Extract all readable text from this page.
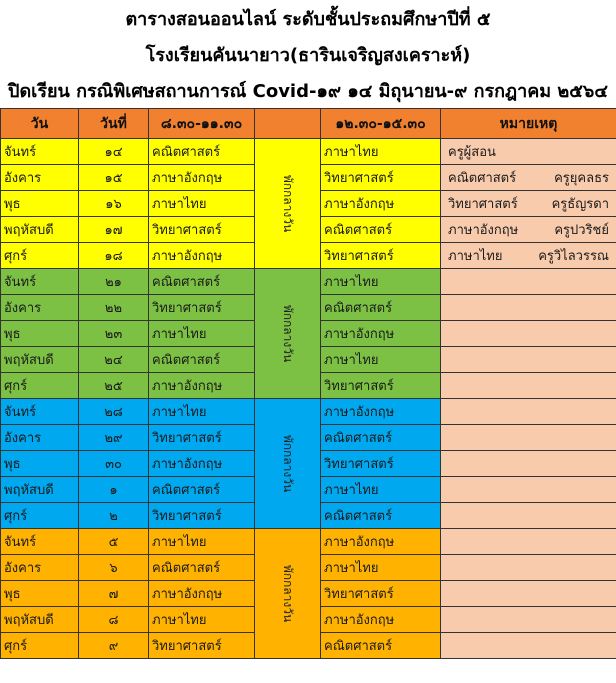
ตารางสอนออนไลน์ ระดับชั้นประถมศึกษาปีที่ ๕
โรงเรียนคันนายาว(ธารินเจริญสงเคราะห์)
ปิดเรียน กรณิพิเศษสถานการณ์ Covid-๑๙ ๑๔ มิถุนายน-๙ กรกฎาคม ๒๕๖๔
วัน	วันที่	๘.๓๐-๑๑.๓๐		๑๒.๓๐-๑๕.๓๐	หมายเหตุ
จันทร์	๑๔	คณิตศาสตร์	พักกลางวัน	ภาษาไทย	ครูผู้สอน

อังคาร	๑๕	ภาษาอังกฤษ		วิทยาศาสตร์	คณิตศาสตร์ ครูยุคลธร

พุธ	๑๖	ภาษาไทย		ภาษาอังกฤษ	วิทยาศาสตร์ ครูธัญรดา

พฤหัสบดี	๑๗	วิทยาศาสตร์		คณิตศาสตร์	ภาษาอังกฤษ ครูปวริชย์

ศุกร์	๑๘	ภาษาอังกฤษ		วิทยาศาสตร์	ภาษาไทย ครูวิไลวรรณ

จันทร์	๒๑	คณิตศาสตร์	พักกลางวัน	ภาษาไทย	
อังคาร	๒๒	วิทยาศาสตร์		คณิตศาสตร์	
พุธ	๒๓	ภาษาไทย		ภาษาอังกฤษ	
พฤหัสบดี	๒๔	คณิตศาสตร์		ภาษาไทย	
ศุกร์	๒๕	ภาษาอังกฤษ		วิทยาศาสตร์	
จันทร์	๒๘	ภาษาไทย	พักกลางวัน	ภาษาอังกฤษ	
อังคาร	๒๙	วิทยาศาสตร์		คณิตศาสตร์	
พุธ	๓๐	ภาษาอังกฤษ		วิทยาศาสตร์	
พฤหัสบดี	๑	คณิตศาสตร์		ภาษาไทย	
ศุกร์	๒	วิทยาศาสตร์		คณิตศาสตร์	
จันทร์	๕	ภาษาไทย	พักกลางวัน	ภาษาอังกฤษ	
อังคาร	๖	คณิตศาสตร์		ภาษาไทย	
พุธ	๗	ภาษาอังกฤษ		วิทยาศาสตร์	
พฤหัสบดี	๘	ภาษาไทย		ภาษาอังกฤษ	
ศุกร์	๙	วิทยาศาสตร์		คณิตศาสตร์	
